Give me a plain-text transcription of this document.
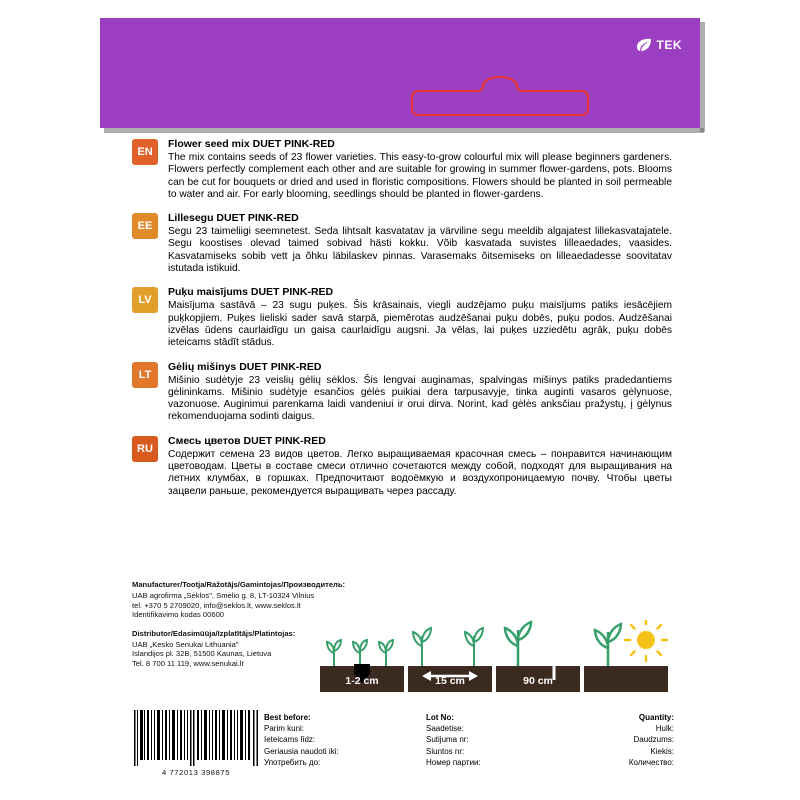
TEK
EN

Flower seed mix DUET PINK-RED

The mix contains seeds of 23 flower varieties. This easy-to-grow colourful mix will please beginners gardeners. Flowers perfectly complement each other and are suitable for growing in summer flower-gardens, pots. Blooms can be cut for bouquets or dried and used in floristic compositions. Flowers should be planted in soil permeable to water and air. For early blooming, seedlings should be planted in flower-gardens.

EE

Lillesegu DUET PINK-RED

Segu 23 taimeliigi seemnetest. Seda lihtsalt kasvatatav ja värviline segu meeldib algajatest lillekasvatajatele. Segu koostises olevad taimed sobivad hästi kokku. Võib kasvatada suvistes lilleaedades, vaasides. Kasvatamiseks sobib vett ja õhku läbilaskev pinnas. Varasemaks õitsemiseks on lilleaedadesse soovitatav istutada istikuid.

LV

Puķu maisījums DUET PINK-RED

Maisījuma sastāvā – 23 sugu puķes. Šis krāsainais, viegli audzējamo puķu maisījums patiks iesācējiem puķkopjiem. Puķes lieliski sader savā starpā, piemērotas audzēšanai puķu dobēs, puķu podos. Audzēšanai izvēlas ūdens caurlaidīgu un gaisa caurlaidīgu augsni. Ja vēlas, lai puķes uzziedētu agrāk, puķu dobēs ieteicams stādīt stādus.

LT

Gėlių mišinys DUET PINK-RED

Mišinio sudėtyje 23 veislių gėlių sėklos. Šis lengvai auginamas, spalvingas mišinys patiks pradedantiems gėlininkams. Mišinio sudėtyje esančios gėlės puikiai dera tarpusavyje, tinka auginti vasaros gėlynuose, vazonuose. Auginimui parenkama laidi vandeniui ir orui dirva. Norint, kad gėlės anksčiau pražystų, į gėlynus rekomenduojama sodinti daigus.

RU

Смесь цветов DUET PINK-RED

Содержит семена 23 видов цветов. Легко выращиваемая красочная смесь – понравится начинающим цветоводам. Цветы в составе смеси отлично сочетаются между собой, подходят для выращивания на летних клумбах, в горшках. Предпочитают водоёмкую и воздухопроницаемую почву. Чтобы цветы зацвели раньше, рекомендуется выращивать через рассаду.

Manufacturer/Tootja/Ražotājs/Gamintojas/Производитель:

UAB agrofirma „Sėklos", Smėlio g. 8, LT-10324 Vilnius

tel. +370 5 2709020, info@seklos.lt, www.seklos.lt

Identifikavimo kodas 00600

Distributor/Edasimüüja/Izplatītājs/Platintojas:

UAB „Kesko Senukai Lithuania"

Islandijos pl. 32B, 51500 Kaunas, Lietuva

Tel. 8 700 11 119, www.senukai.lt

1-2 cm	15 cm	90 cm
4 772013 398875

Best before:

Parim kuni:

Ieteicams līdz:

Geriausia naudoti iki:

Употребить до:

Lot No:

Saadetise:

Sutijuma nr:

Siuntos nr:

Номер партии:

Quantity:

Hulk:

Daudzums:

Kiekis:

Количество:
